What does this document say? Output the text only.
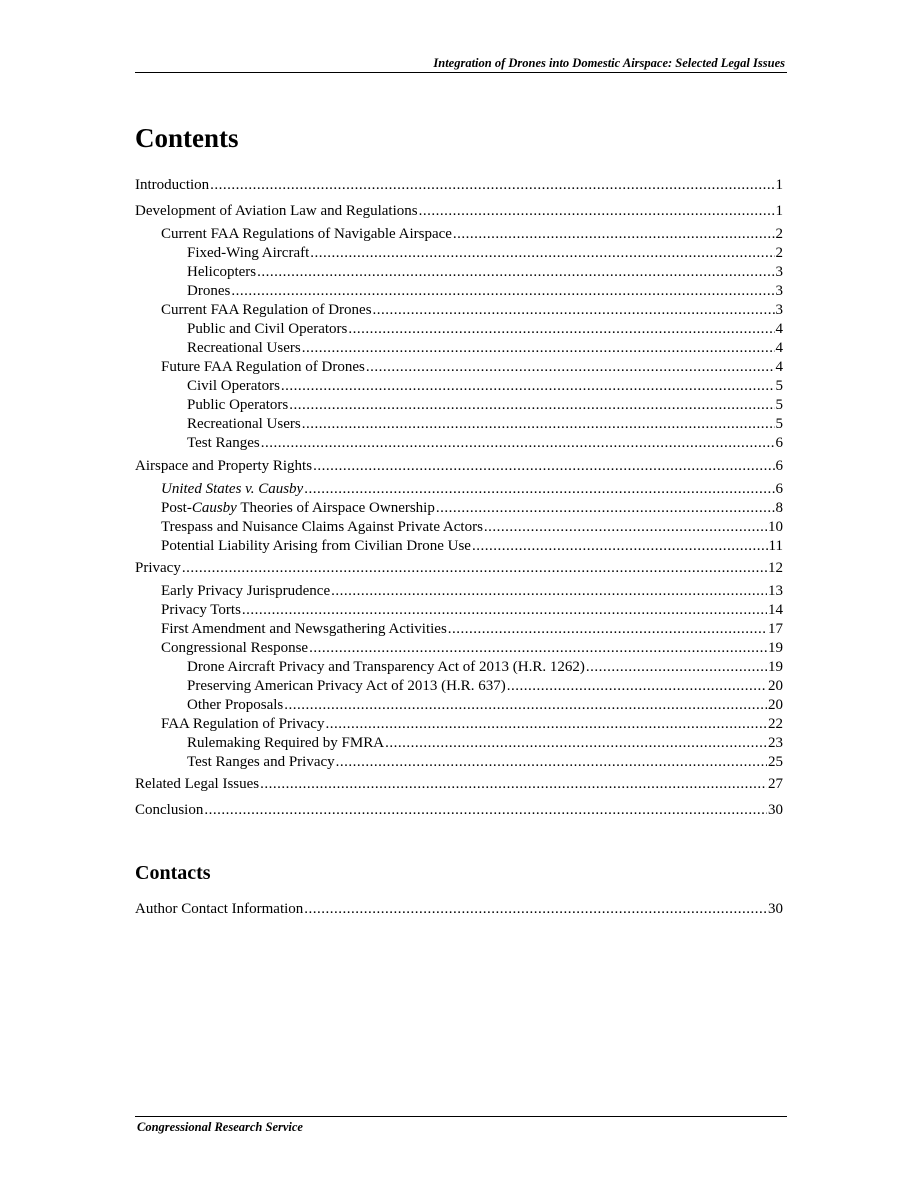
Integration of Drones into Domestic Airspace: Selected Legal Issues
Contents
Introduction .....	1
Development of Aviation Law and Regulations .....	1
Current FAA Regulations of Navigable Airspace .....	2
Fixed-Wing Aircraft .....	2
Helicopters .....	3
Drones .....	3
Current FAA Regulation of Drones .....	3
Public and Civil Operators .....	4
Recreational Users .....	4
Future FAA Regulation of Drones .....	4
Civil Operators .....	5
Public Operators .....	5
Recreational Users .....	5
Test Ranges .....	6
Airspace and Property Rights .....	6
United States v. Causby .....	6
Post-Causby Theories of Airspace Ownership .....	8
Trespass and Nuisance Claims Against Private Actors .....	10
Potential Liability Arising from Civilian Drone Use .....	11
Privacy .....	12
Early Privacy Jurisprudence .....	13
Privacy Torts .....	14
First Amendment and Newsgathering Activities .....	17
Congressional Response .....	19
Drone Aircraft Privacy and Transparency Act of 2013 (H.R. 1262) .....	19
Preserving American Privacy Act of 2013 (H.R. 637) .....	20
Other Proposals .....	20
FAA Regulation of Privacy .....	22
Rulemaking Required by FMRA .....	23
Test Ranges and Privacy .....	25
Related Legal Issues .....	27
Conclusion .....	30
Contacts
Author Contact Information .....	30
Congressional Research Service
